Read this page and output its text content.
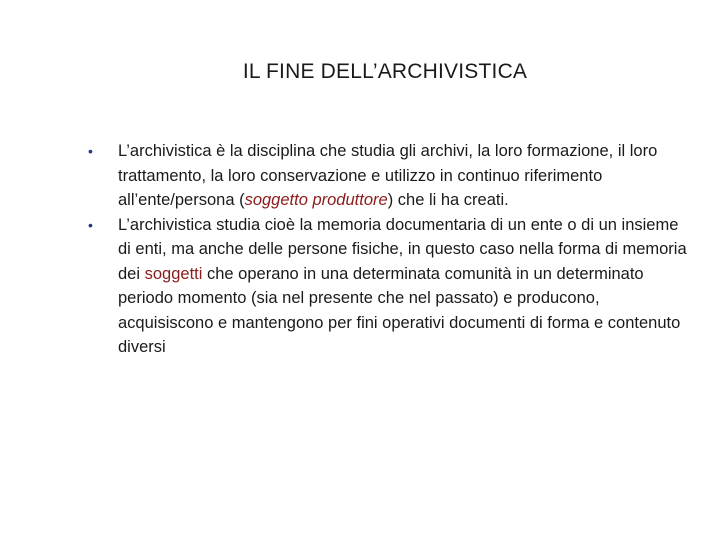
IL FINE DELL’ARCHIVISTICA
• L’archivistica è la disciplina che studia gli archivi, la loro formazione, il loro trattamento, la loro conservazione e utilizzo in continuo riferimento all’ente/persona (soggetto produttore) che li ha creati.
• L’archivistica studia cioè la memoria documentaria di un ente o di un insieme di enti, ma anche delle persone fisiche, in questo caso nella forma di memoria dei soggetti che operano in una determinata comunità in un determinato periodo momento (sia nel presente che nel passato) e producono, acquisiscono e mantengono per fini operativi documenti di forma e contenuto diversi
